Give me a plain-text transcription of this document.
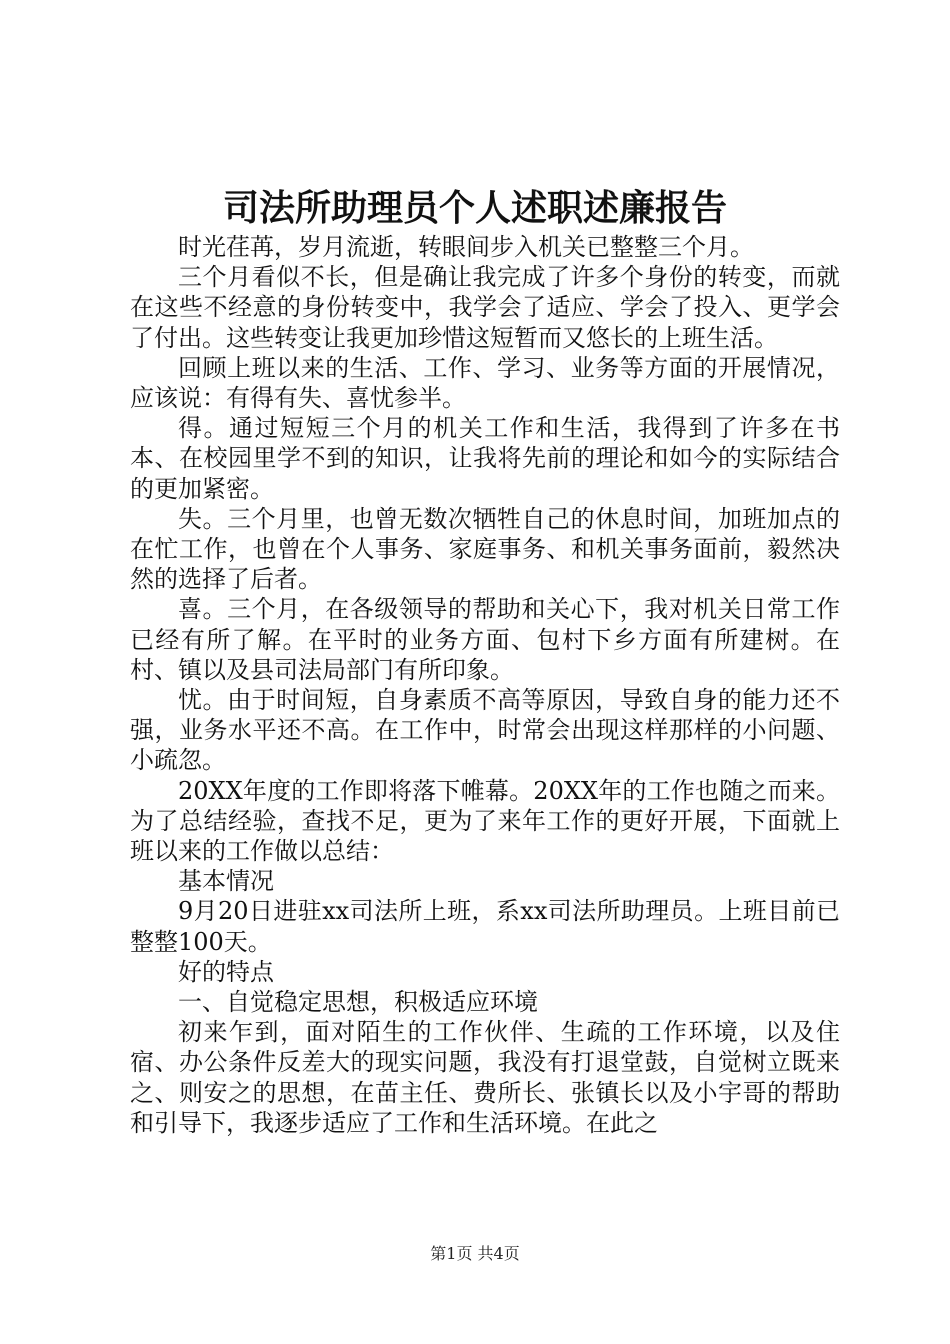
司法所助理员个人述职述廉报告

时光荏苒，岁月流逝，转眼间步入机关已整整三个月。

三个月看似不长，但是确让我完成了许多个身份的转变，而就在这些不经意的身份转变中，我学会了适应、学会了投入、更学会了付出。这些转变让我更加珍惜这短暂而又悠长的上班生活。

回顾上班以来的生活、工作、学习、业务等方面的开展情况，应该说：有得有失、喜忧参半。

得。通过短短三个月的机关工作和生活，我得到了许多在书本、在校园里学不到的知识，让我将先前的理论和如今的实际结合的更加紧密。

失。三个月里，也曾无数次牺牲自己的休息时间，加班加点的在忙工作，也曾在个人事务、家庭事务、和机关事务面前，毅然决然的选择了后者。

喜。三个月，在各级领导的帮助和关心下，我对机关日常工作已经有所了解。在平时的业务方面、包村下乡方面有所建树。在村、镇以及县司法局部门有所印象。

忧。由于时间短，自身素质不高等原因，导致自身的能力还不强，业务水平还不高。在工作中，时常会出现这样那样的小问题、小疏忽。

20XX年度的工作即将落下帷幕。20XX年的工作也随之而来。为了总结经验，查找不足，更为了来年工作的更好开展，下面就上班以来的工作做以总结：

基本情况

9月20日进驻xx司法所上班，系xx司法所助理员。上班目前已整整100天。

好的特点

一、自觉稳定思想，积极适应环境

初来乍到，面对陌生的工作伙伴、生疏的工作环境，以及住宿、办公条件反差大的现实问题，我没有打退堂鼓，自觉树立既来之、则安之的思想，在苗主任、费所长、张镇长以及小宇哥的帮助和引导下，我逐步适应了工作和生活环境。在此之

第1页 共4页
